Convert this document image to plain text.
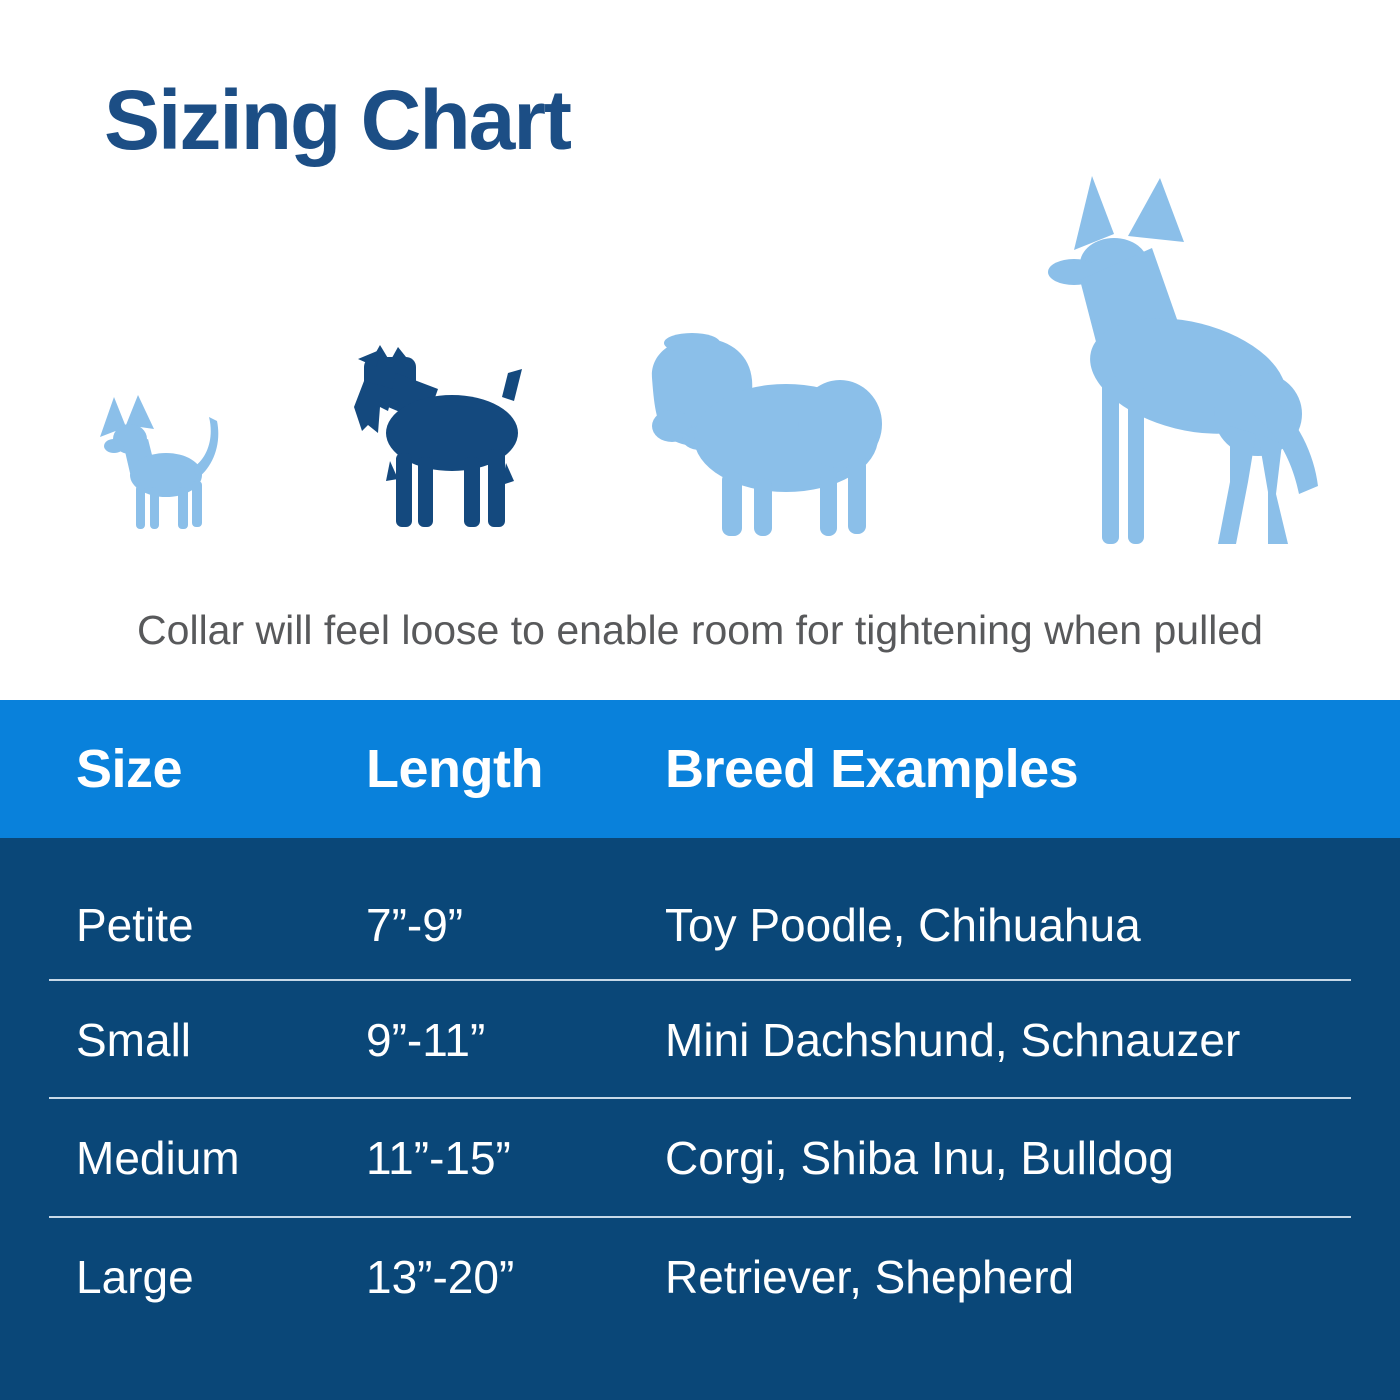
Sizing Chart

Collar will feel loose to enable room for tightening when pulled

Size	Length	Breed Examples
Petite	7”-9”	Toy Poodle, Chihuahua
Small	9”-11”	Mini Dachshund, Schnauzer
Medium	11”-15”	Corgi, Shiba Inu, Bulldog
Large	13”-20”	Retriever, Shepherd
